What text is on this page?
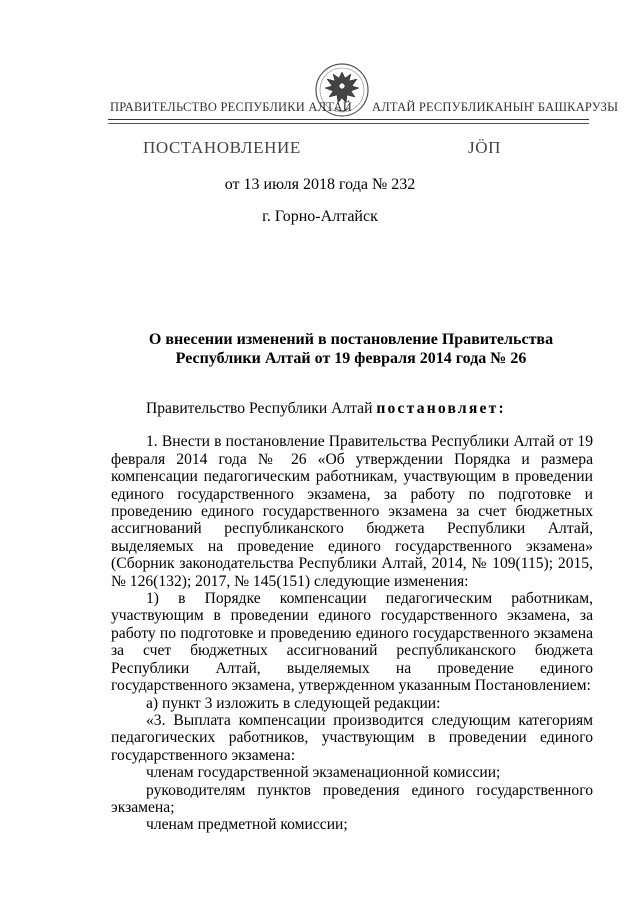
ПРАВИТЕЛЬСТВО РЕСПУБЛИКИ АЛТАЙ АЛТАЙ РЕСПУБЛИКАНЫҤ БАШКАРУЗЫ
ПОСТАНОВЛЕНИЕ	ЈӦП
от 13 июля 2018 года № 232
г. Горно-Алтайск
О внесении изменений в постановление Правительства Республики Алтай от 19 февраля 2014 года № 26

Правительство Республики Алтай постановляет:

1. Внести в постановление Правительства Республики Алтай от 19 февраля 2014 года № 26 «Об утверждении Порядка и размера компенсации педагогическим работникам, участвующим в проведении единого государственного экзамена, за работу по подготовке и проведению единого государственного экзамена за счет бюджетных ассигнований республиканского бюджета Республики Алтай, выделяемых на проведение единого государственного экзамена» (Сборник законодательства Республики Алтай, 2014, № 109(115); 2015, № 126(132); 2017, № 145(151) следующие изменения:

1) в Порядке компенсации педагогическим работникам, участвующим в проведении единого государственного экзамена, за работу по подготовке и проведению единого государственного экзамена за счет бюджетных ассигнований республиканского бюджета Республики Алтай, выделяемых на проведение единого государственного экзамена, утвержденном указанным Постановлением:

а) пункт 3 изложить в следующей редакции:

«3. Выплата компенсации производится следующим категориям педагогических работников, участвующим в проведении единого государственного экзамена:

членам государственной экзаменационной комиссии;

руководителям пунктов проведения единого государственного экзамена;

членам предметной комиссии;
